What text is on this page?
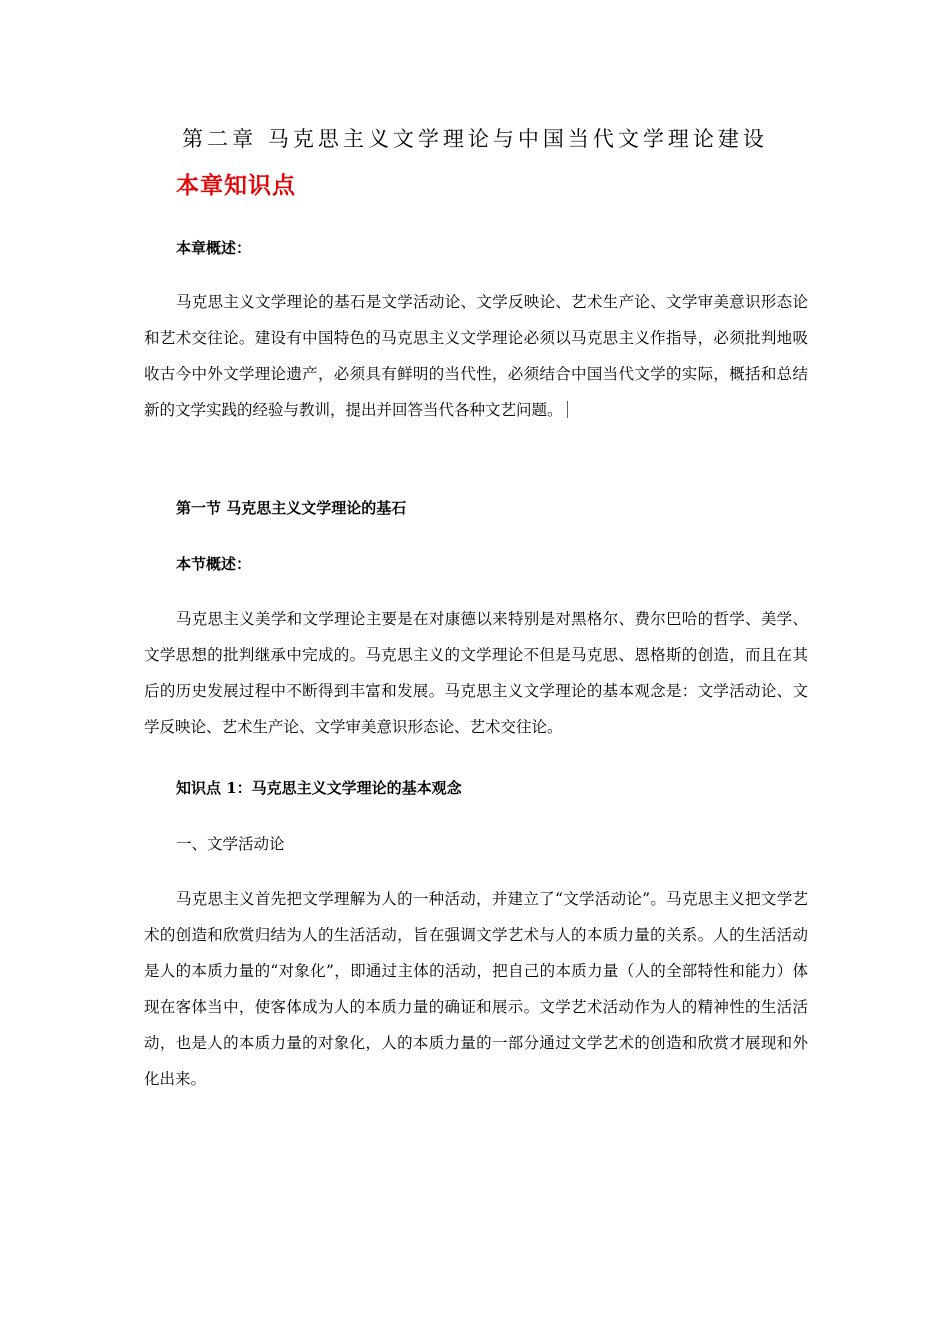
第二章 马克思主义文学理论与中国当代文学理论建设
本章知识点
本章概述：

马克思主义文学理论的基石是文学活动论、文学反映论、艺术生产论、文学审美意识形态论和艺术交往论。建设有中国特色的马克思主义文学理论必须以马克思主义作指导，必须批判地吸收古今中外文学理论遗产，必须具有鲜明的当代性，必须结合中国当代文学的实际，概括和总结新的文学实践的经验与教训，提出并回答当代各种文艺问题。

第一节 马克思主义文学理论的基石
本节概述：

马克思主义美学和文学理论主要是在对康德以来特别是对黑格尔、费尔巴哈的哲学、美学、文学思想的批判继承中完成的。马克思主义的文学理论不但是马克思、恩格斯的创造，而且在其后的历史发展过程中不断得到丰富和发展。马克思主义文学理论的基本观念是：文学活动论、文学反映论、艺术生产论、文学审美意识形态论、艺术交往论。

知识点 1：马克思主义文学理论的基本观念
一、文学活动论

马克思主义首先把文学理解为人的一种活动，并建立了“文学活动论”。马克思主义把文学艺术的创造和欣赏归结为人的生活活动，旨在强调文学艺术与人的本质力量的关系。人的生活活动是人的本质力量的“对象化”，即通过主体的活动，把自己的本质力量（人的全部特性和能力）体现在客体当中，使客体成为人的本质力量的确证和展示。文学艺术活动作为人的精神性的生活活动，也是人的本质力量的对象化，人的本质力量的一部分通过文学艺术的创造和欣赏才展现和外化出来。
